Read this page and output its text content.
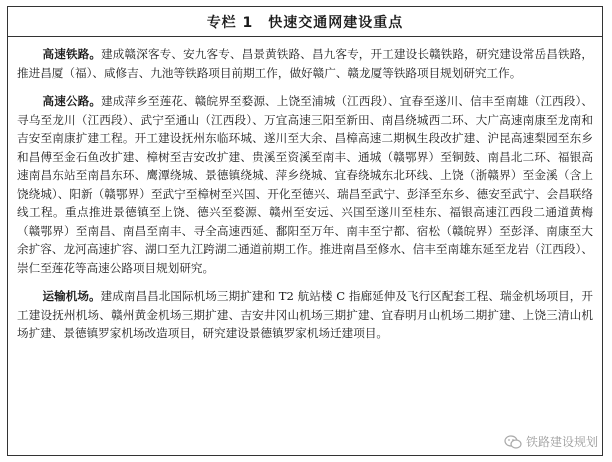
专栏 1　快速交通网建设重点

高速铁路。建成赣深客专、安九客专、昌景黄铁路、昌九客专，开工建设长赣铁路，研究建设常岳昌铁路，推进昌厦（福）、咸修吉、九池等铁路项目前期工作，做好赣广、赣龙厦等铁路项目规划研究工作。

高速公路。建成萍乡至莲花、赣皖界至婺源、上饶至浦城（江西段）、宜春至遂川、信丰至南雄（江西段）、寻乌至龙川（江西段）、武宁至通山（江西段）、万宜高速三阳至新田、南昌绕城西二环、大广高速南康至龙南和吉安至南康扩建工程。开工建设抚州东临环城、遂川至大余、昌樟高速二期枫生段改扩建、沪昆高速梨园至东乡和昌傅至金石鱼改扩建、樟树至吉安改扩建、贵溪至资溪至南丰、通城（赣鄂界）至铜鼓、南昌北二环、福银高速南昌东站至南昌东环、鹰潭绕城、景德镇绕城、萍乡绕城、宜春绕城东北环线、上饶（浙赣界）至金溪（含上饶绕城）、阳新（赣鄂界）至武宁至樟树至兴国、开化至德兴、瑞昌至武宁、彭泽至东乡、德安至武宁、会昌联络线工程。重点推进景德镇至上饶、德兴至婺源、赣州至安远、兴国至遂川至桂东、福银高速江西段二通道黄梅（赣鄂界）至南昌、南昌至南丰、寻全高速西延、鄱阳至万年、南丰至宁都、宿松（赣皖界）至彭泽、南康至大余扩容、龙河高速扩容、湖口至九江跨湖二通道前期工作。推进南昌至修水、信丰至南雄东延至龙岩（江西段）、崇仁至莲花等高速公路项目规划研究。

运输机场。建成南昌昌北国际机场三期扩建和 T2 航站楼 C 指廊延伸及飞行区配套工程、瑞金机场项目，开工建设抚州机场、赣州黄金机场三期扩建、吉安井冈山机场三期扩建、宜春明月山机场二期扩建、上饶三清山机场扩建、景德镇罗家机场改造项目，研究建设景德镇罗家机场迁建项目。

铁路建设规划
